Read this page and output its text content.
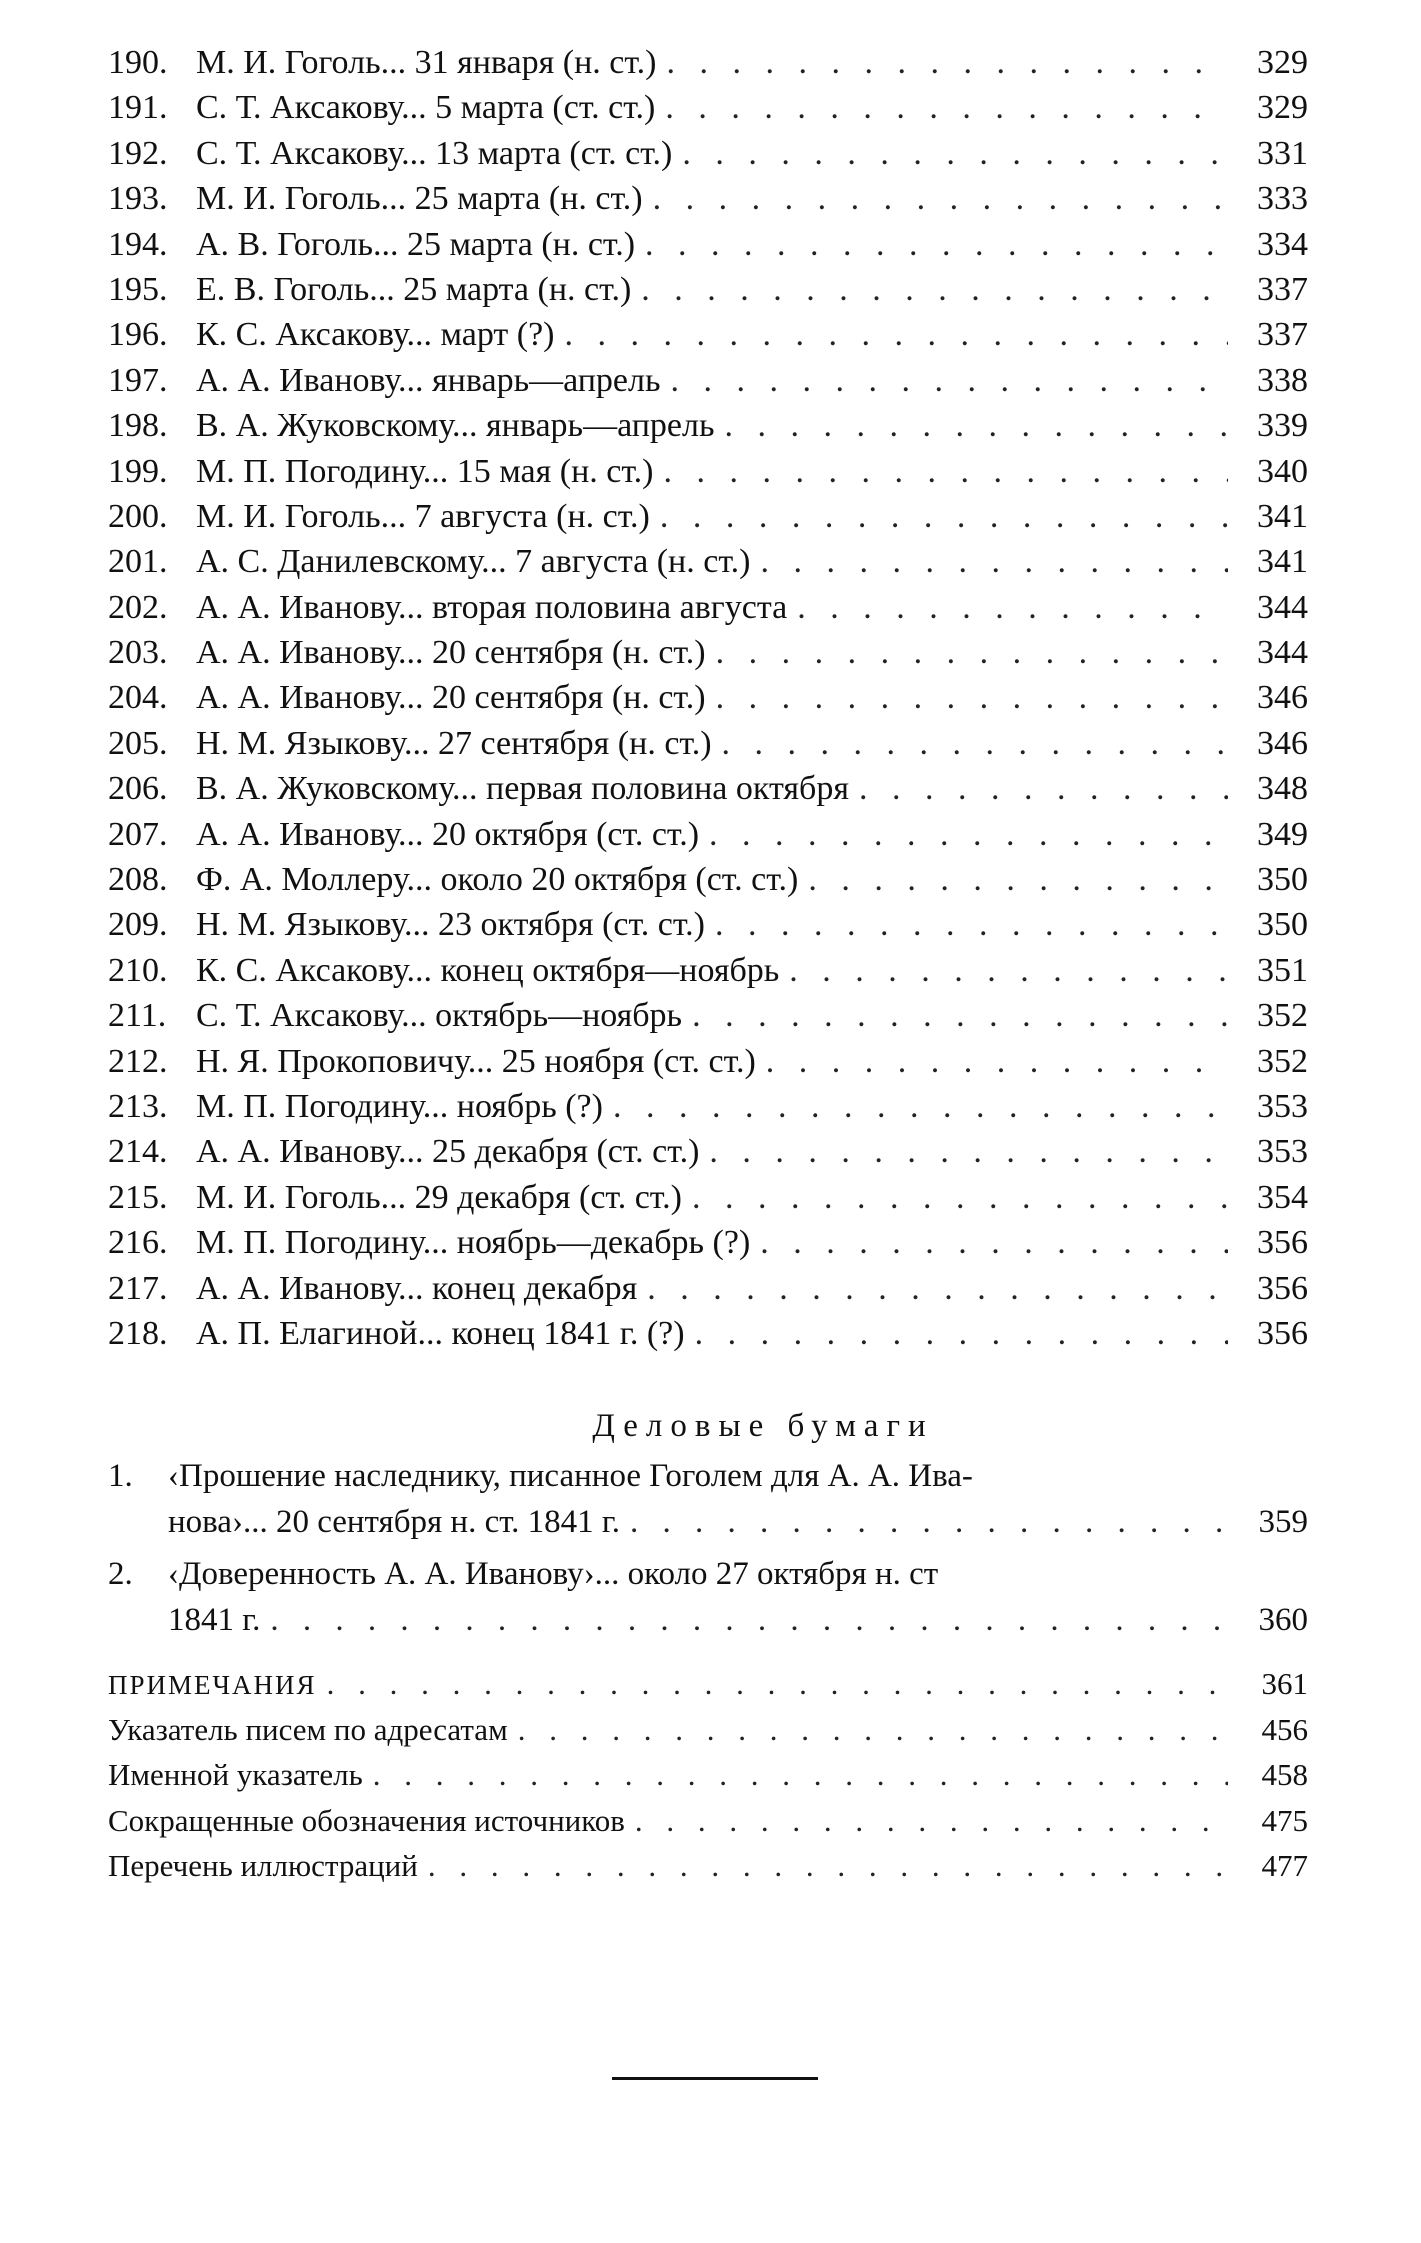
190. М. И. Гоголь... 31 января (н. ст.) . . .	329
191. С. Т. Аксакову... 5 марта (ст. ст.) . . .	329
192. С. Т. Аксакову... 13 марта (ст. ст.) . . .	331
193. М. И. Гоголь... 25 марта (н. ст.) . . .	333
194. А. В. Гоголь... 25 марта (н. ст.) . . .	334
195. Е. В. Гоголь... 25 марта (н. ст.) . . .	337
196. К. С. Аксакову... март (?) . . .	337
197. А. А. Иванову... январь—апрель . . .	338
198. В. А. Жуковскому... январь—апрель . . .	339
199. М. П. Погодину... 15 мая (н. ст.) . . .	340
200. М. И. Гоголь... 7 августа (н. ст.) . . .	341
201. А. С. Данилевскому... 7 августа (н. ст.) . . .	341
202. А. А. Иванову... вторая половина августа . . .	344
203. А. А. Иванову... 20 сентября (н. ст.) . . .	344
204. А. А. Иванову... 20 сентября (н. ст.) . . .	346
205. Н. М. Языкову... 27 сентября (н. ст.) . . .	346
206. В. А. Жуковскому... первая половина октября . . .	348
207. А. А. Иванову... 20 октября (ст. ст.) . . .	349
208. Ф. А. Моллеру... около 20 октября (ст. ст.) . . .	350
209. Н. М. Языкову... 23 октября (ст. ст.) . . .	350
210. К. С. Аксакову... конец октября—ноябрь . . .	351
211. С. Т. Аксакову... октябрь—ноябрь . . .	352
212. Н. Я. Прокоповичу... 25 ноября (ст. ст.) . . .	352
213. М. П. Погодину... ноябрь (?) . . .	353
214. А. А. Иванову... 25 декабря (ст. ст.) . . .	353
215. М. И. Гоголь... 29 декабря (ст. ст.) . . .	354
216. М. П. Погодину... ноябрь—декабрь (?) . . .	356
217. А. А. Иванову... конец декабря . . .	356
218. А. П. Елагиной... конец 1841 г. (?) . . .	356
Деловые бумаги
1.	‹Прошение наследнику, писанное Гоголем для А. А. Ива-
нова›... 20 сентября н. ст. 1841 г. . . .	359
2.	‹Доверенность А. А. Иванову›... около 27 октября н. ст
1841 г. . . .	360
ПРИМЕЧАНИЯ . . .	361
Указатель писем по адресатам . . .	456
Именной указатель . . .	458
Сокращенные обозначения источников . . .	475
Перечень иллюстраций . . .	477
